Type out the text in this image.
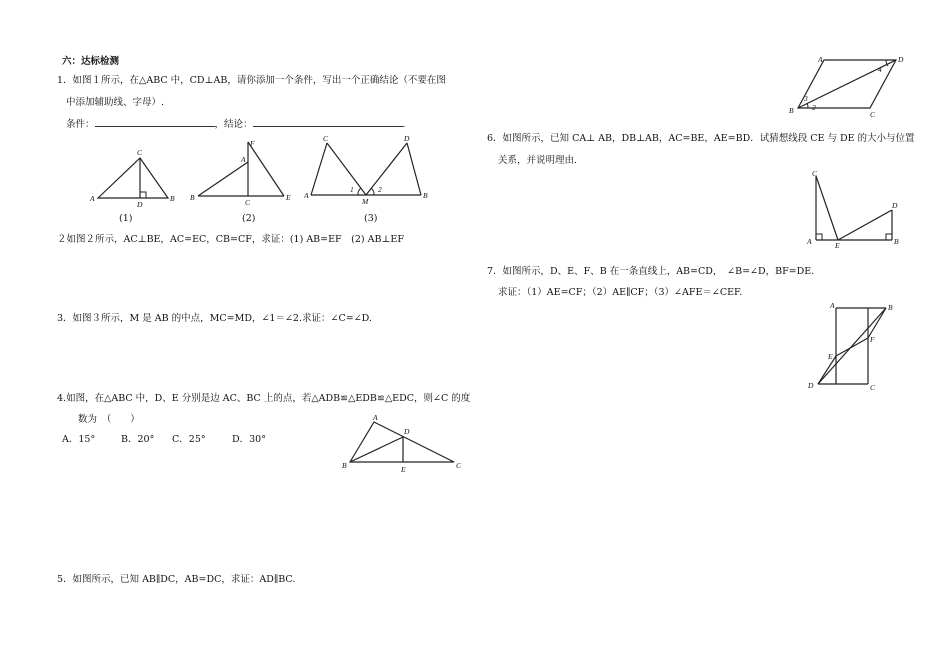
六：达标检测
1．如图１所示，在△ABC 中，CD⊥AB，请你添加一个条件，写出一个正确结论（不要在图
中添加辅助线、字母）.
条件：	，结论：	.
C
A
D
B
(1)
F
A
B
C
E
(2)
C	D
A
1	2
M
B
(3)
２如图２所示，AC⊥BE，AC=EC，CB=CF，求证：(1) AB=EF　(2) AB⊥EF
3．如图３所示，M 是 AB 的中点，MC=MD，∠1＝∠2.求证：∠C=∠D.
4.如图，在△ABC 中，D、E 分别是边 AC、BC 上的点，若△ADB≌△EDB≌△EDC，则∠C 的度
数为　（　　）
A．15°	B．20° C．25°	D．30°
A
D
B	E	C
5．如图所示，已知 AB∥DC，AB=DC，求证：AD∥BC.
A	D
4
3
B 2
C
6．如图所示，已知 CA⊥ AB，DB⊥AB，AC=BE，AE=BD．试猜想线段 CE 与 DE 的大小与位置
关系，并说明理由.
C
D
A	E	B
7．如图所示，D、E、F、B 在一条直线上，AB=CD，　∠B=∠D，BF=DE.
求证：（1）AE=CF；（2）AE∥CF；（3）∠AFE＝∠CEF.
A	B
F
E
D	C
